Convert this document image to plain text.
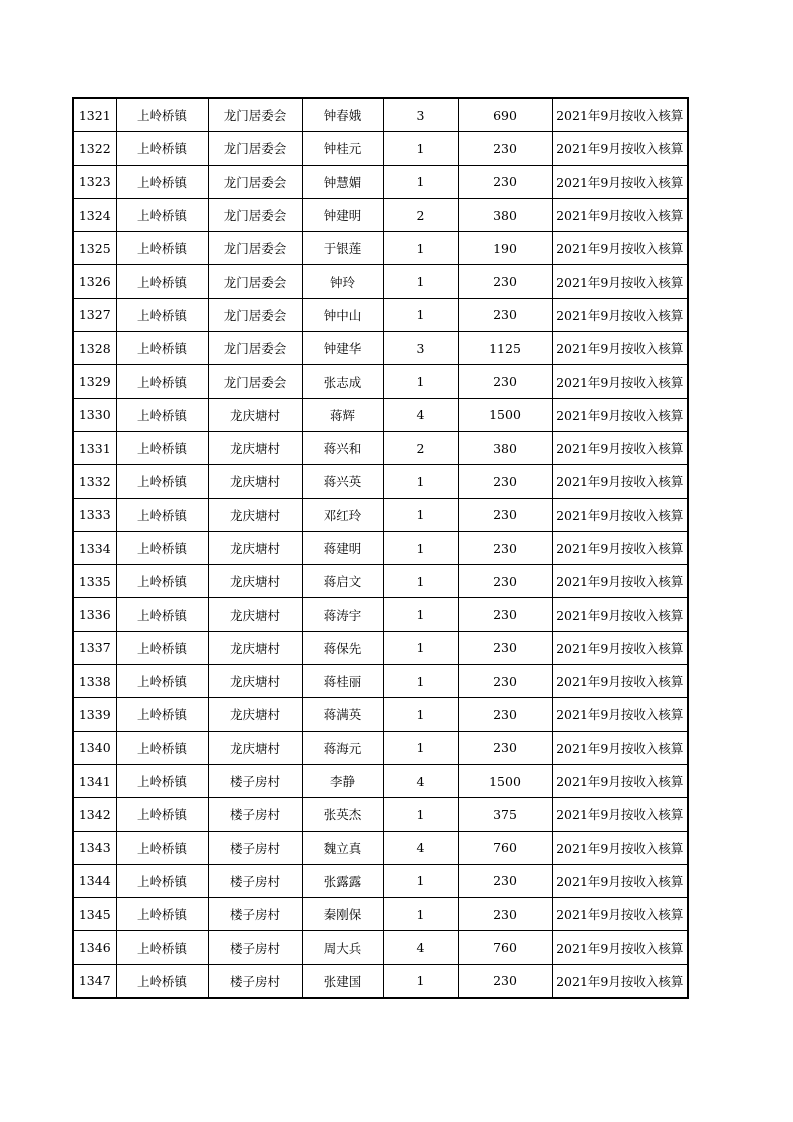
1321	上岭桥镇	龙门居委会	钟春娥	3	690	2021年9月按收入核算
1322	上岭桥镇	龙门居委会	钟桂元	1	230	2021年9月按收入核算
1323	上岭桥镇	龙门居委会	钟慧媚	1	230	2021年9月按收入核算
1324	上岭桥镇	龙门居委会	钟建明	2	380	2021年9月按收入核算
1325	上岭桥镇	龙门居委会	于银莲	1	190	2021年9月按收入核算
1326	上岭桥镇	龙门居委会	钟玲	1	230	2021年9月按收入核算
1327	上岭桥镇	龙门居委会	钟中山	1	230	2021年9月按收入核算
1328	上岭桥镇	龙门居委会	钟建华	3	1125	2021年9月按收入核算
1329	上岭桥镇	龙门居委会	张志成	1	230	2021年9月按收入核算
1330	上岭桥镇	龙庆塘村	蒋辉	4	1500	2021年9月按收入核算
1331	上岭桥镇	龙庆塘村	蒋兴和	2	380	2021年9月按收入核算
1332	上岭桥镇	龙庆塘村	蒋兴英	1	230	2021年9月按收入核算
1333	上岭桥镇	龙庆塘村	邓红玲	1	230	2021年9月按收入核算
1334	上岭桥镇	龙庆塘村	蒋建明	1	230	2021年9月按收入核算
1335	上岭桥镇	龙庆塘村	蒋启文	1	230	2021年9月按收入核算
1336	上岭桥镇	龙庆塘村	蒋涛宇	1	230	2021年9月按收入核算
1337	上岭桥镇	龙庆塘村	蒋保先	1	230	2021年9月按收入核算
1338	上岭桥镇	龙庆塘村	蒋桂丽	1	230	2021年9月按收入核算
1339	上岭桥镇	龙庆塘村	蒋满英	1	230	2021年9月按收入核算
1340	上岭桥镇	龙庆塘村	蒋海元	1	230	2021年9月按收入核算
1341	上岭桥镇	楼子房村	李静	4	1500	2021年9月按收入核算
1342	上岭桥镇	楼子房村	张英杰	1	375	2021年9月按收入核算
1343	上岭桥镇	楼子房村	魏立真	4	760	2021年9月按收入核算
1344	上岭桥镇	楼子房村	张露露	1	230	2021年9月按收入核算
1345	上岭桥镇	楼子房村	秦刚保	1	230	2021年9月按收入核算
1346	上岭桥镇	楼子房村	周大兵	4	760	2021年9月按收入核算
1347	上岭桥镇	楼子房村	张建国	1	230	2021年9月按收入核算
